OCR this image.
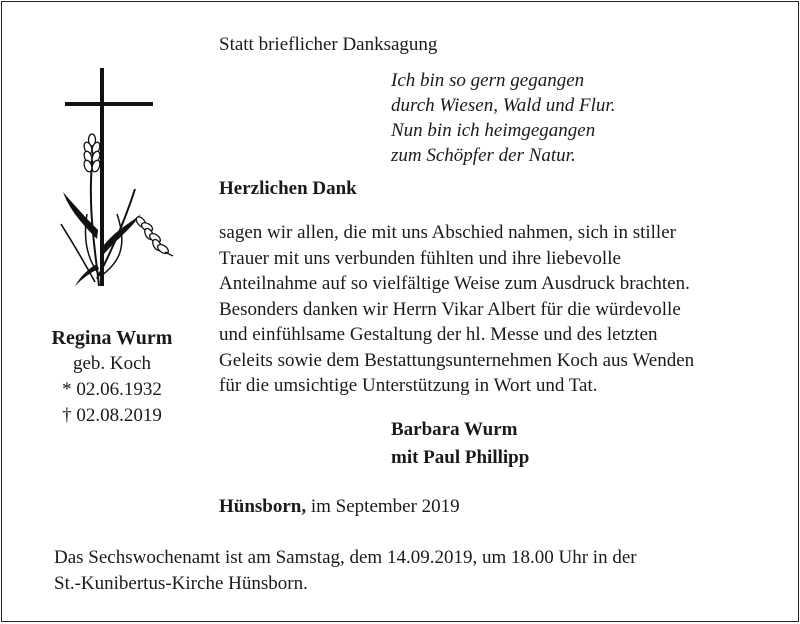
Statt brieflicher Danksagung
Ich bin so gern gegangen
durch Wiesen, Wald und Flur.
Nun bin ich heimgegangen
zum Schöpfer der Natur.
Herzlichen Dank
sagen wir allen, die mit uns Abschied nahmen, sich in stiller
Trauer mit uns verbunden fühlten und ihre liebevolle
Anteilnahme auf so vielfältige Weise zum Ausdruck brachten.
Besonders danken wir Herrn Vikar Albert für die würdevolle
und einfühlsame Gestaltung der hl. Messe und des letzten
Geleits sowie dem Bestattungsunternehmen Koch aus Wenden
für die umsichtige Unterstützung in Wort und Tat.
Barbara Wurm
mit Paul Phillipp
Hünsborn, im September 2019
Das Sechswochenamt ist am Samstag, dem 14.09.2019, um 18.00 Uhr in der
St.-Kunibertus-Kirche Hünsborn.
Regina Wurm
geb. Koch
* 02.06.1932
† 02.08.2019
